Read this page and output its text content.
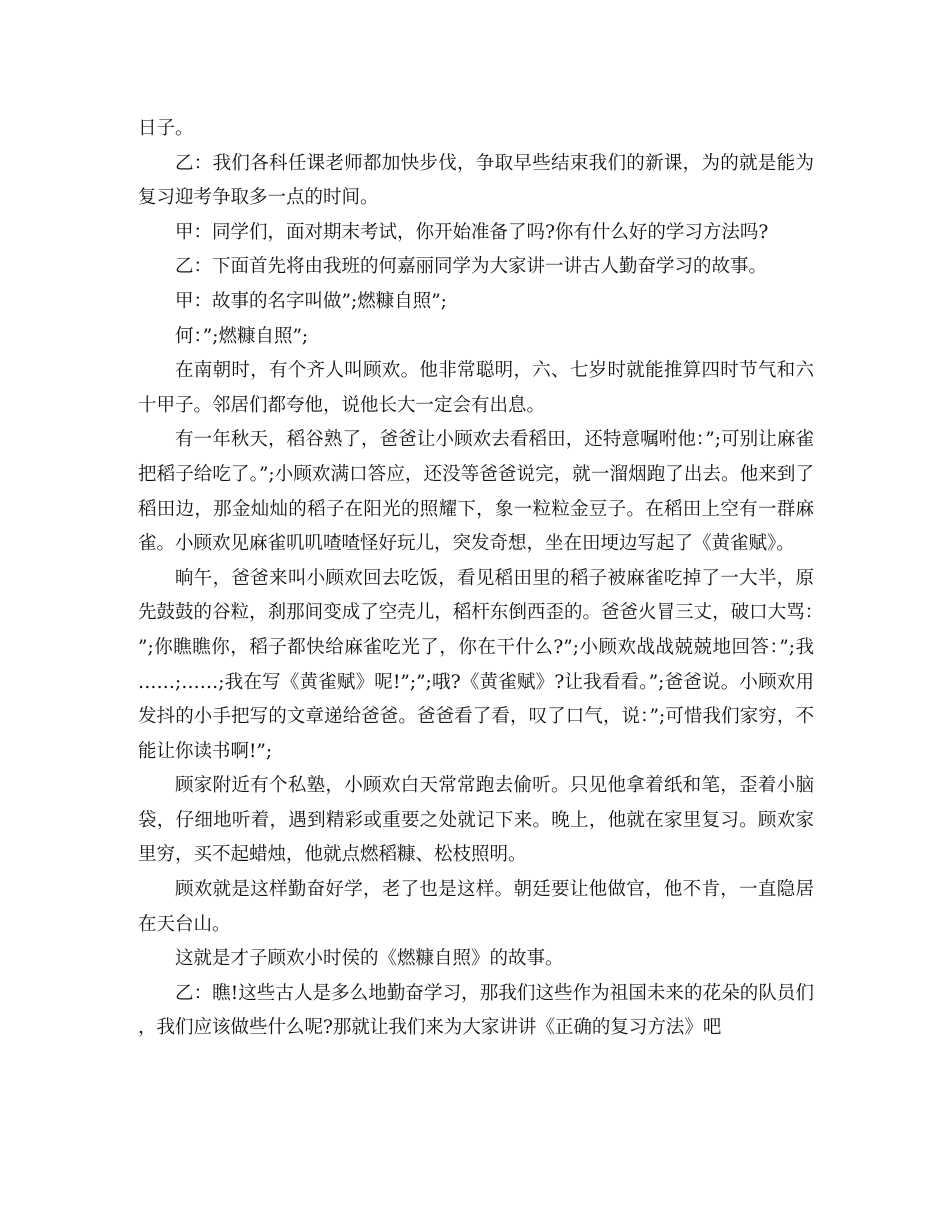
日子。

乙：我们各科任课老师都加快步伐，争取早些结束我们的新课，为的就是能为复习迎考争取多一点的时间。

甲：同学们，面对期末考试，你开始准备了吗?你有什么好的学习方法吗?

乙：下面首先将由我班的何嘉丽同学为大家讲一讲古人勤奋学习的故事。

甲：故事的名字叫做”;燃糠自照”;

何：”;燃糠自照”;

在南朝时，有个齐人叫顾欢。他非常聪明，六、七岁时就能推算四时节气和六十甲子。邻居们都夸他，说他长大一定会有出息。

有一年秋天，稻谷熟了，爸爸让小顾欢去看稻田，还特意嘱咐他：”;可别让麻雀把稻子给吃了。”;小顾欢满口答应，还没等爸爸说完，就一溜烟跑了出去。他来到了稻田边，那金灿灿的稻子在阳光的照耀下，象一粒粒金豆子。在稻田上空有一群麻雀。小顾欢见麻雀叽叽喳喳怪好玩儿，突发奇想，坐在田埂边写起了《黄雀赋》。

晌午，爸爸来叫小顾欢回去吃饭，看见稻田里的稻子被麻雀吃掉了一大半，原先鼓鼓的谷粒，刹那间变成了空壳儿，稻杆东倒西歪的。爸爸火冒三丈，破口大骂：”;你瞧瞧你，稻子都快给麻雀吃光了，你在干什么?”;小顾欢战战兢兢地回答：”;我……;……;我在写《黄雀赋》呢!”;”;哦?《黄雀赋》?让我看看。”;爸爸说。小顾欢用发抖的小手把写的文章递给爸爸。爸爸看了看，叹了口气，说：”;可惜我们家穷，不能让你读书啊!”;

顾家附近有个私塾，小顾欢白天常常跑去偷听。只见他拿着纸和笔，歪着小脑袋，仔细地听着，遇到精彩或重要之处就记下来。晚上，他就在家里复习。顾欢家里穷，买不起蜡烛，他就点燃稻糠、松枝照明。

顾欢就是这样勤奋好学，老了也是这样。朝廷要让他做官，他不肯，一直隐居在天台山。

这就是才子顾欢小时侯的《燃糠自照》的故事。

乙：瞧!这些古人是多么地勤奋学习，那我们这些作为祖国未来的花朵的队员们，我们应该做些什么呢?那就让我们来为大家讲讲《正确的复习方法》吧
